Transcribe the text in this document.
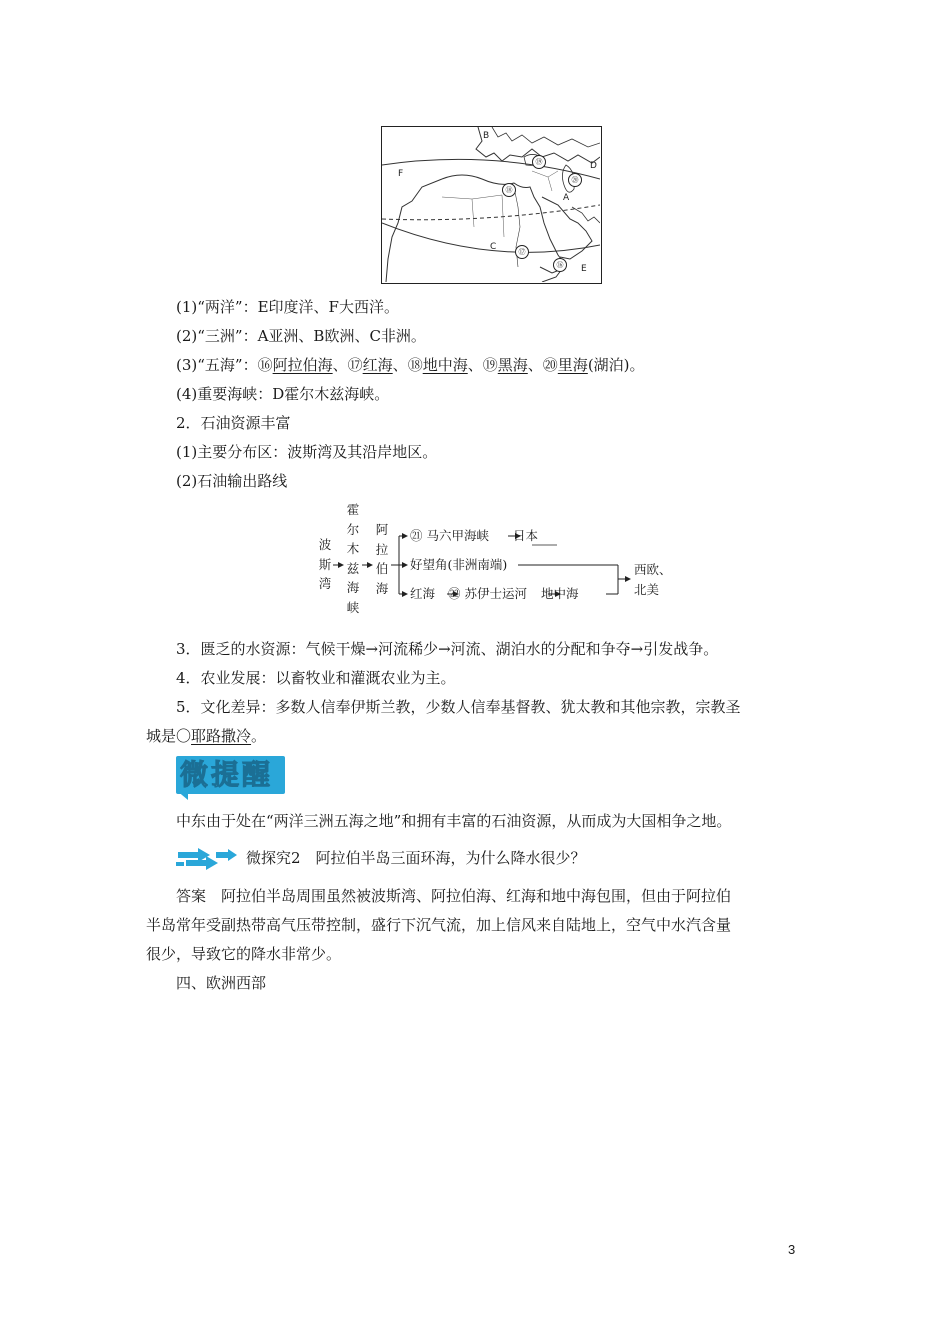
B
F
D
A
C
E
⑲
⑳
⑱
⑰
⑯
(1)“两洋”：E印度洋、F大西洋。
(2)“三洲”：A亚洲、B欧洲、C非洲。
(3)“五海”：⑯阿拉伯海、⑰红海、⑱地中海、⑲黑海、⑳里海(湖泊)。
(4)重要海峡：D霍尔木兹海峡。
2．石油资源丰富
(1)主要分布区：波斯湾及其沿岸地区。
(2)石油输出路线
波
斯
湾
霍
尔
木
兹
海
峡
阿
拉
伯
海
㉑ 马六甲海峡 日本
好望角(非洲南端)
红海 ㉒ 苏伊士运河 地中海
西欧、
北美
3．匮乏的水资源：气候干燥→河流稀少→河流、湖泊水的分配和争夺→引发战争。
4．农业发展：以畜牧业和灌溉农业为主。
5．文化差异：多数人信奉伊斯兰教，少数人信奉基督教、犹太教和其他宗教，宗教圣
城是〇耶路撒冷。
微提醒
中东由于处在“两洋三洲五海之地”和拥有丰富的石油资源，从而成为大国相争之地。
微探究2　阿拉伯半岛三面环海，为什么降水很少？
答案　阿拉伯半岛周围虽然被波斯湾、阿拉伯海、红海和地中海包围，但由于阿拉伯
半岛常年受副热带高气压带控制，盛行下沉气流，加上信风来自陆地上，空气中水汽含量
很少，导致它的降水非常少。
四、欧洲西部
3
